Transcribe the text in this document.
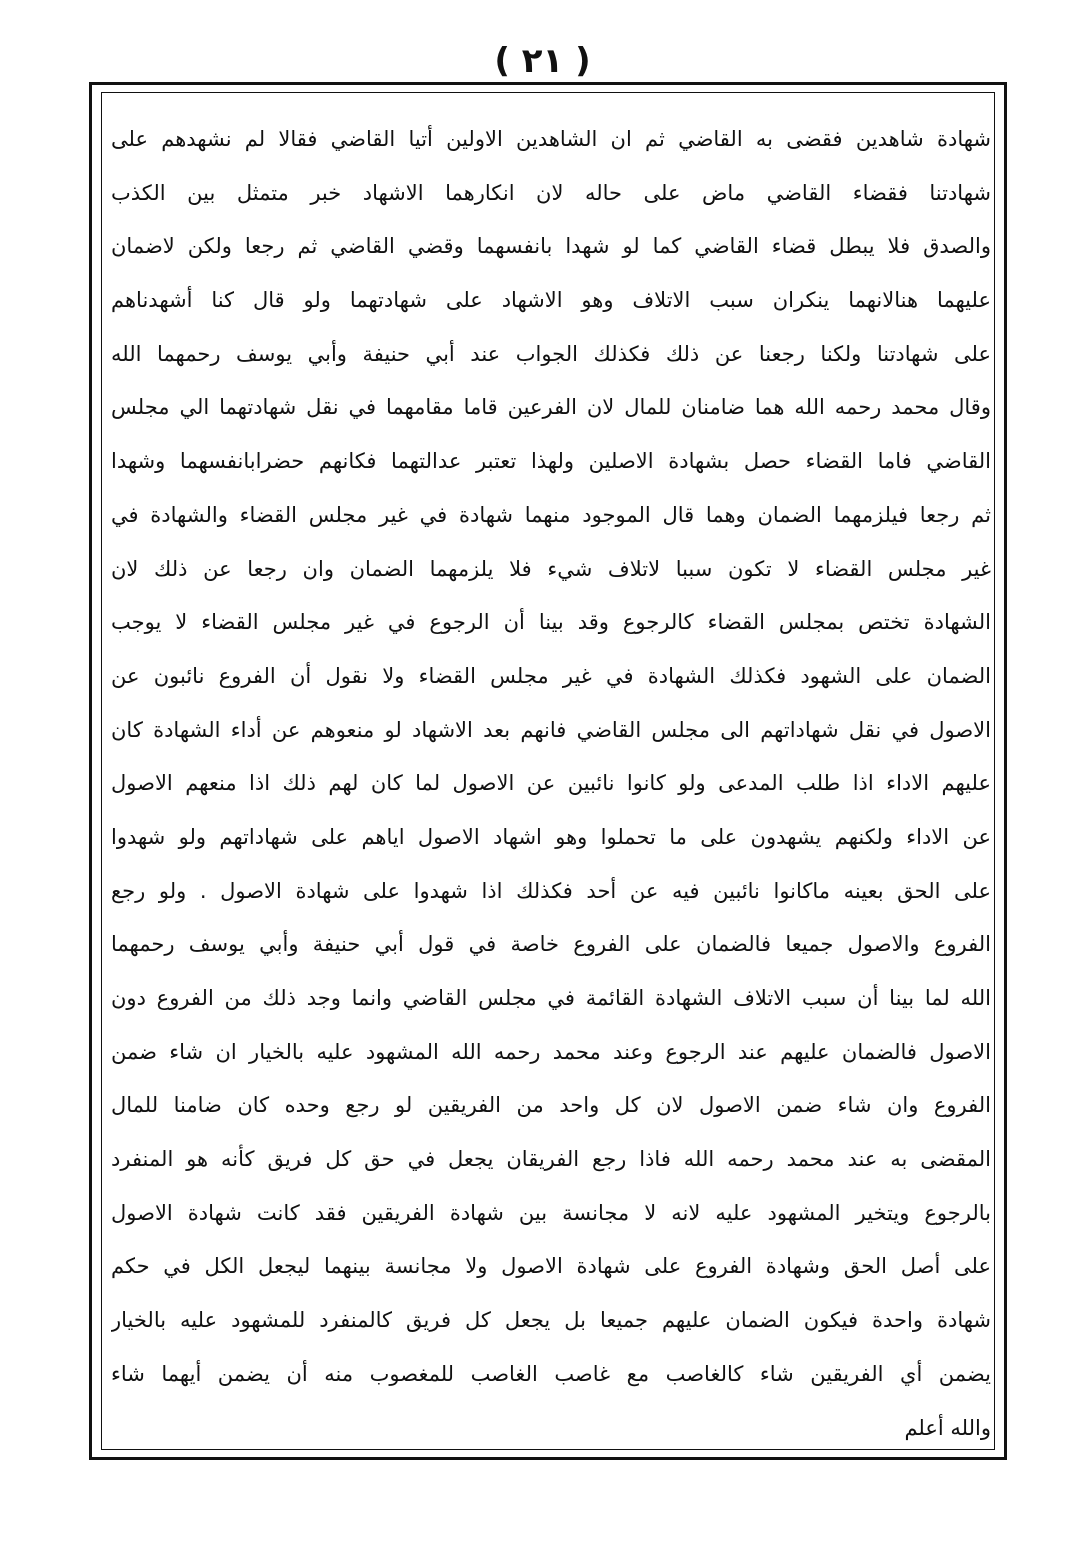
( ٢١ )
شهادة شاهدين فقضى به القاضي ثم ان الشاهدين الاولين أتيا القاضي فقالا لم نشهدهم على
شهادتنا فقضاء القاضي ماض على حاله لان انكارهما الاشهاد خبر متمثل بين الكذب
والصدق فلا يبطل قضاء القاضي كما لو شهدا بانفسهما وقضي القاضي ثم رجعا ولكن لاضمان
عليهما هنالانهما ينكران سبب الاتلاف وهو الاشهاد على شهادتهما ولو قال كنا أشهدناهم
على شهادتنا ولكنا رجعنا عن ذلك فكذلك الجواب عند أبي حنيفة وأبي يوسف رحمهما الله
وقال محمد رحمه الله هما ضامنان للمال لان الفرعين قاما مقامهما في نقل شهادتهما الي مجلس
القاضي فاما القضاء حصل بشهادة الاصلين ولهذا تعتبر عدالتهما فكانهم حضرابانفسهما وشهدا
ثم رجعا فيلزمهما الضمان وهما قال الموجود منهما شهادة في غير مجلس القضاء والشهادة في
غير مجلس القضاء لا تكون سببا لاتلاف شيء فلا يلزمهما الضمان وان رجعا عن ذلك لان
الشهادة تختص بمجلس القضاء كالرجوع وقد بينا أن الرجوع في غير مجلس القضاء لا يوجب
الضمان على الشهود فكذلك الشهادة في غير مجلس القضاء ولا نقول أن الفروع نائبون عن
الاصول في نقل شهاداتهم الى مجلس القاضي فانهم بعد الاشهاد لو منعوهم عن أداء الشهادة كان
عليهم الاداء اذا طلب المدعى ولو كانوا نائبين عن الاصول لما كان لهم ذلك اذا منعهم الاصول
عن الاداء ولكنهم يشهدون على ما تحملوا وهو اشهاد الاصول اياهم على شهاداتهم ولو شهدوا
على الحق بعينه ماكانوا نائبين فيه عن أحد فكذلك اذا شهدوا على شهادة الاصول . ولو رجع
الفروع والاصول جميعا فالضمان على الفروع خاصة في قول أبي حنيفة وأبي يوسف رحمهما
الله لما بينا أن سبب الاتلاف الشهادة القائمة في مجلس القاضي وانما وجد ذلك من الفروع دون
الاصول فالضمان عليهم عند الرجوع وعند محمد رحمه الله المشهود عليه بالخيار ان شاء ضمن
الفروع وان شاء ضمن الاصول لان كل واحد من الفريقين لو رجع وحده كان ضامنا للمال
المقضى به عند محمد رحمه الله فاذا رجع الفريقان يجعل في حق كل فريق كأنه هو المنفرد
بالرجوع ويتخير المشهود عليه لانه لا مجانسة بين شهادة الفريقين فقد كانت شهادة الاصول
على أصل الحق وشهادة الفروع على شهادة الاصول ولا مجانسة بينهما ليجعل الكل في حكم
شهادة واحدة فيكون الضمان عليهم جميعا بل يجعل كل فريق كالمنفرد للمشهود عليه بالخيار
يضمن أي الفريقين شاء كالغاصب مع غاصب الغاصب للمغصوب منه أن يضمن أيهما شاء
والله أعلم
